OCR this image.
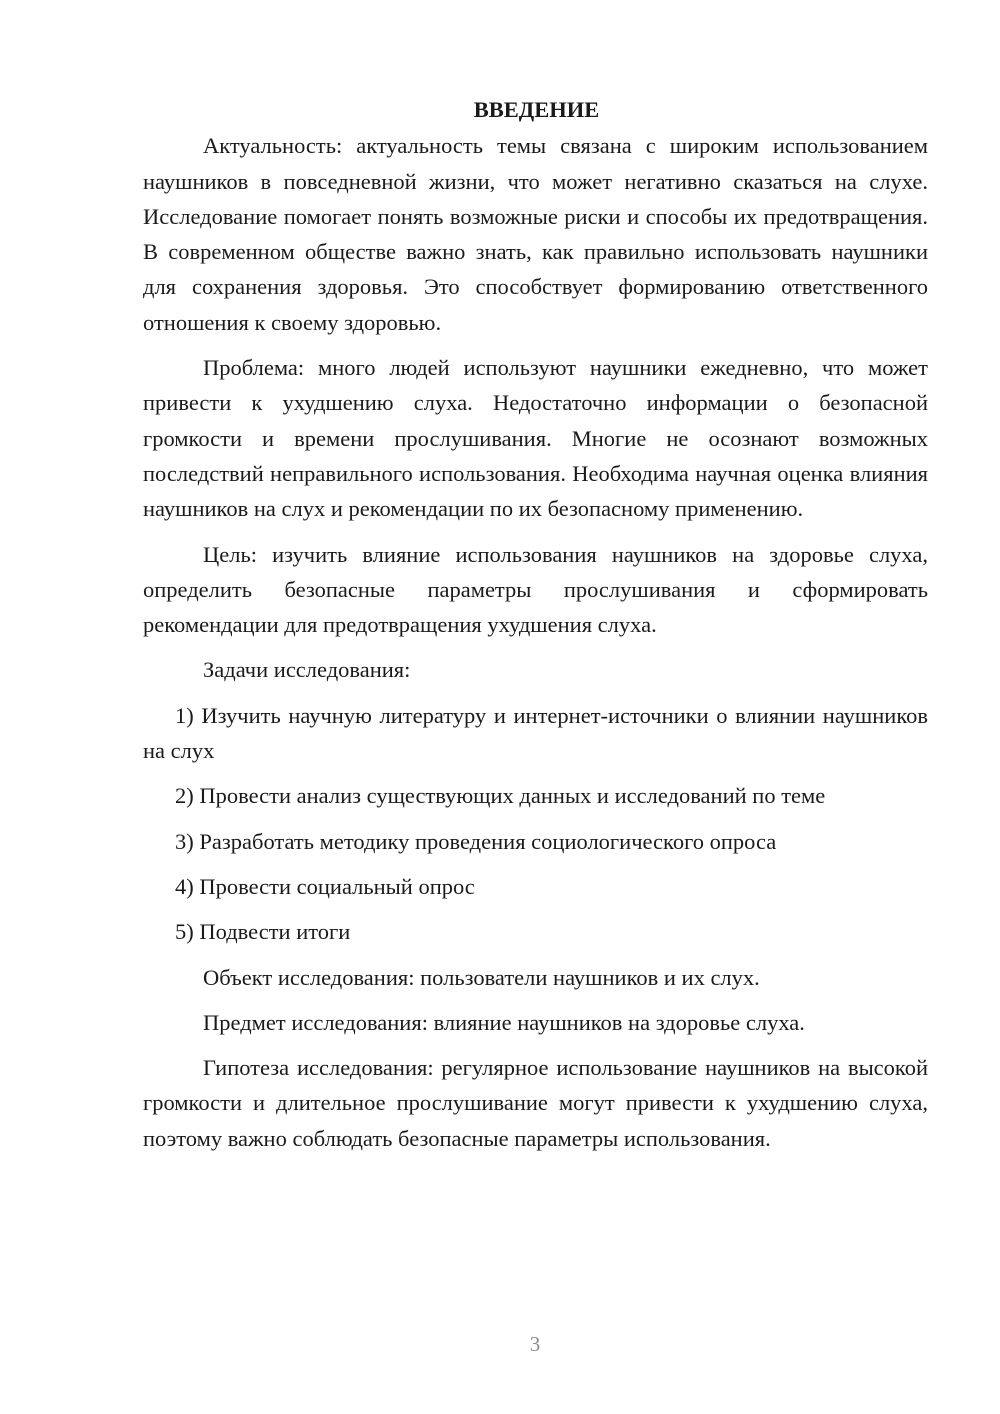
ВВЕДЕНИЕ

Актуальность: актуальность темы связана с широким использованием наушников в повседневной жизни, что может негативно сказаться на слухе. Исследование помогает понять возможные риски и способы их предотвращения. В современном обществе важно знать, как правильно использовать наушники для сохранения здоровья. Это способствует формированию ответственного отношения к своему здоровью.

Проблема: много людей используют наушники ежедневно, что может привести к ухудшению слуха. Недостаточно информации о безопасной громкости и времени прослушивания. Многие не осознают возможных последствий неправильного использования. Необходима научная оценка влияния наушников на слух и рекомендации по их безопасному применению.

Цель: изучить влияние использования наушников на здоровье слуха, определить безопасные параметры прослушивания и сформировать рекомендации для предотвращения ухудшения слуха.

Задачи исследования:

1) Изучить научную литературу и интернет-источники о влиянии наушников на слух

2) Провести анализ существующих данных и исследований по теме

3) Разработать методику проведения социологического опроса

4) Провести социальный опрос

5) Подвести итоги

Объект исследования: пользователи наушников и их слух.

Предмет исследования: влияние наушников на здоровье слуха.

Гипотеза исследования: регулярное использование наушников на высокой громкости и длительное прослушивание могут привести к ухудшению слуха, поэтому важно соблюдать безопасные параметры использования.

3
